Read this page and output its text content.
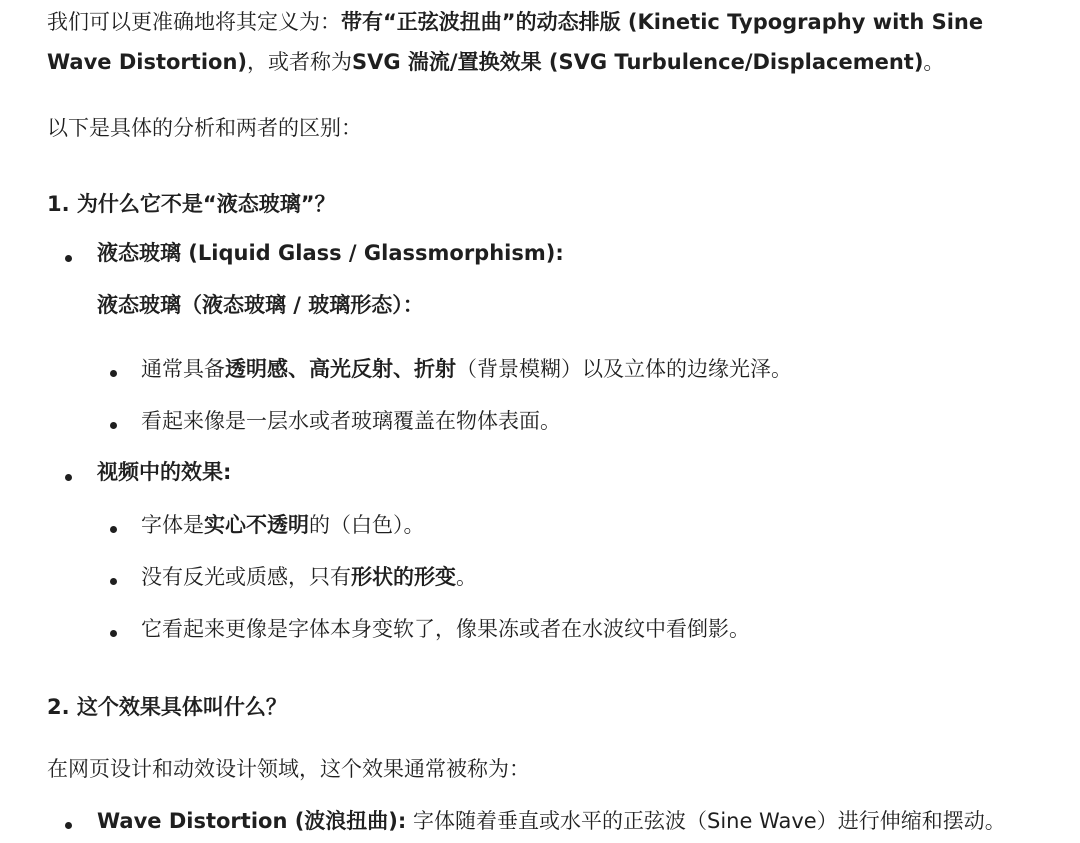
我们可以更准确地将其定义为：带有“正弦波扭曲”的动态排版 (Kinetic Typography with Sine
Wave Distortion)，或者称为SVG 湍流/置换效果 (SVG Turbulence/Displacement)。
以下是具体的分析和两者的区别：
1. 为什么它不是“液态玻璃”？
液态玻璃 (Liquid Glass / Glassmorphism):
液态玻璃（液态玻璃 / 玻璃形态）：
通常具备透明感、高光反射、折射（背景模糊）以及立体的边缘光泽。
看起来像是一层水或者玻璃覆盖在物体表面。
视频中的效果:
字体是实心不透明的（白色）。
没有反光或质感，只有形状的形变。
它看起来更像是字体本身变软了，像果冻或者在水波纹中看倒影。
2. 这个效果具体叫什么？
在网页设计和动效设计领域，这个效果通常被称为：
Wave Distortion (波浪扭曲): 字体随着垂直或水平的正弦波（Sine Wave）进行伸缩和摆动。
